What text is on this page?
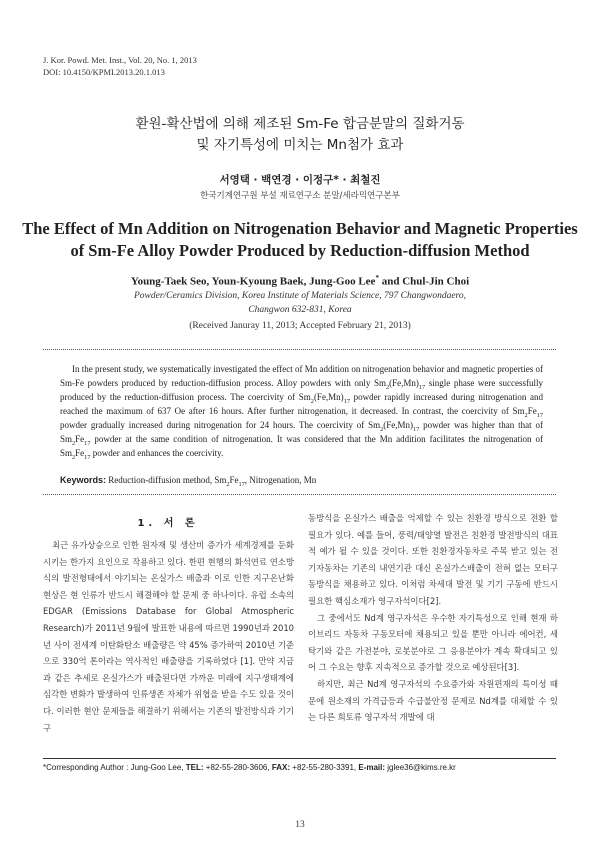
J. Kor. Powd. Met. Inst., Vol. 20, No. 1, 2013
DOI: 10.4150/KPMI.2013.20.1.013
환원-확산법에 의해 제조된 Sm-Fe 합금분말의 질화거동
및 자기특성에 미치는 Mn첨가 효과
서영택 · 백연경 · 이정구* · 최철진
한국기계연구원 부설 재료연구소 분말/세라믹연구본부
The Effect of Mn Addition on Nitrogenation Behavior and Magnetic Properties
of Sm-Fe Alloy Powder Produced by Reduction-diffusion Method
Young-Taek Seo, Youn-Kyoung Baek, Jung-Goo Lee* and Chul-Jin Choi
Powder/Ceramics Division, Korea Institute of Materials Science, 797 Changwondaero,
Changwon 632-831, Korea
(Received Januray 11, 2013; Accepted February 21, 2013)
In the present study, we systematically investigated the effect of Mn addition on nitrogenation behavior and magnetic properties of Sm-Fe powders produced by reduction-diffusion process. Alloy powders with only $Sm_2(Fe,Mn)_{17}$ single phase were successfully produced by the reduction-diffusion process. The coercivity of $Sm_2(Fe,Mn)_{17}$ powder rapidly increased during nitrogenation and reached the maximum of 637 Oe after 16 hours. After further nitrogenation, it decreased. In contrast, the coercivity of $Sm_2Fe_{17}$ powder gradually increased during nitrogenation for 24 hours. The coercivity of $Sm_2(Fe,Mn)_{17}$ powder was higher than that of $Sm_2Fe_{17}$ powder at the same condition of nitrogenation. It was considered that the Mn addition facilitates the nitrogenation of $Sm_2Fe_{17}$ powder and enhances the coercivity.
Keywords: Reduction-diffusion method, $Sm_2Fe_{17}$, Nitrogenation, Mn
1. 서 론

최근 유가상승으로 인한 원자재 및 생산비 증가가 세계경제를 둔화시키는 한가지 요인으로 작용하고 있다. 한편 현행의 화석연료 연소방식의 발전형태에서 야기되는 온실가스 배출과 이로 인한 지구온난화 현상은 현 인류가 반드시 해결해야 할 문제 중 하나이다. 유럽 소속의 EDGAR (Emissions Database for Global Atmospheric Research)가 2011년 9월에 발표한 내용에 따르면 1990년과 2010년 사이 전세계 이탄화탄소 배출량은 약 45% 증가하여 2010년 기준으로 330억 톤이라는 역사적인 배출량을 기록하였다 [1]. 만약 지금과 같은 추세로 온실가스가 배출된다면 가까운 미래에 지구생태계에 심각한 변화가 발생하여 인류생존 자체가 위협을 받을 수도 있을 것이다. 이러한 현안 문제들을 해결하기 위해서는 기존의 발전방식과 기기 구

동방식을 온실가스 배출을 억제할 수 있는 친환경 방식으로 전환 할 필요가 있다. 예를 들어, 풍력/태양열 발전은 친환경 발전방식의 대표적 예가 될 수 있을 것이다. 또한 친환경자동차로 주목 받고 있는 전기자동차는 기존의 내연기관 대신 온실가스배출이 전혀 없는 모터구동방식을 채용하고 있다. 이처럼 차세대 발전 및 기기 구동에 반드시 필요한 핵심소재가 영구자석이다[2].

그 중에서도 Nd계 영구자석은 우수한 자기특성으로 인해 현재 하이브리드 자동차 구동모터에 채용되고 있을 뿐만 아니라 에어컨, 세탁기와 같은 가전분야, 로봇분야로 그 응용분야가 계속 확대되고 있어 그 수요는 향후 지속적으로 증가할 것으로 예상된다[3].

하지만, 최근 Nd계 영구자석의 수요증가와 자원편재의 특이성 때문에 원소재의 가격급등과 수급불안정 문제로 Nd계를 대체할 수 있는 다른 희토류 영구자석 개발에 대

*Corresponding Author : Jung-Goo Lee, TEL: +82-55-280-3606, FAX: +82-55-280-3391, E-mail: jglee36@kims.re.kr
13
